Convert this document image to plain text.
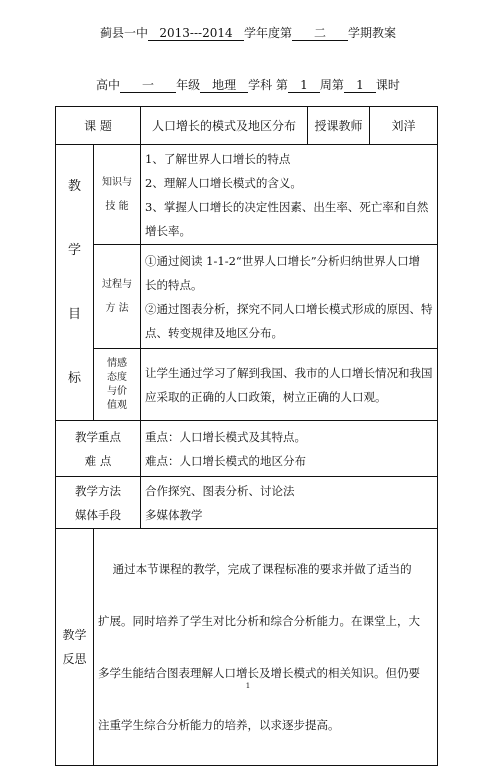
蓟县一中 2013---2014 学年度第 二 学期教案
高中 一 年级 地理 学科 第 1 周第 1 课时
课 题		人口增长的模式及地区分布	授课教师	刘洋

教
学
目
标	知识与
技 能	1、了解世界人口增长的特点
2、理解人口增长模式的含义。
3、掌握人口增长的决定性因素、出生率、死亡率和自然
增长率。		

	过程与
方 法	①通过阅读 1-1-2“世界人口增长”分析归纳世界人口增
长的特点。
②通过图表分析，探究不同人口增长模式形成的原因、特
点、转变规律及地区分布。		

	情感
态度
与价
值观	让学生通过学习了解到我国、我市的人口增长情况和我国
应采取的正确的人口政策，树立正确的人口观。		

教学重点
难 点		重点：人口增长模式及其特点。
难点：人口增长模式的地区分布		

教学方法
媒体手段		合作探究、图表分析、讨论法
多媒体教学		

教学
反思	通过本节课程的教学，完成了课程标准的要求并做了适当的

扩展。同时培养了学生对比分析和综合分析能力。在课堂上，大

多学生能结合图表理解人口增长及增长模式的相关知识。但仍要

注重学生综合分析能力的培养，以求逐步提高。			

1
